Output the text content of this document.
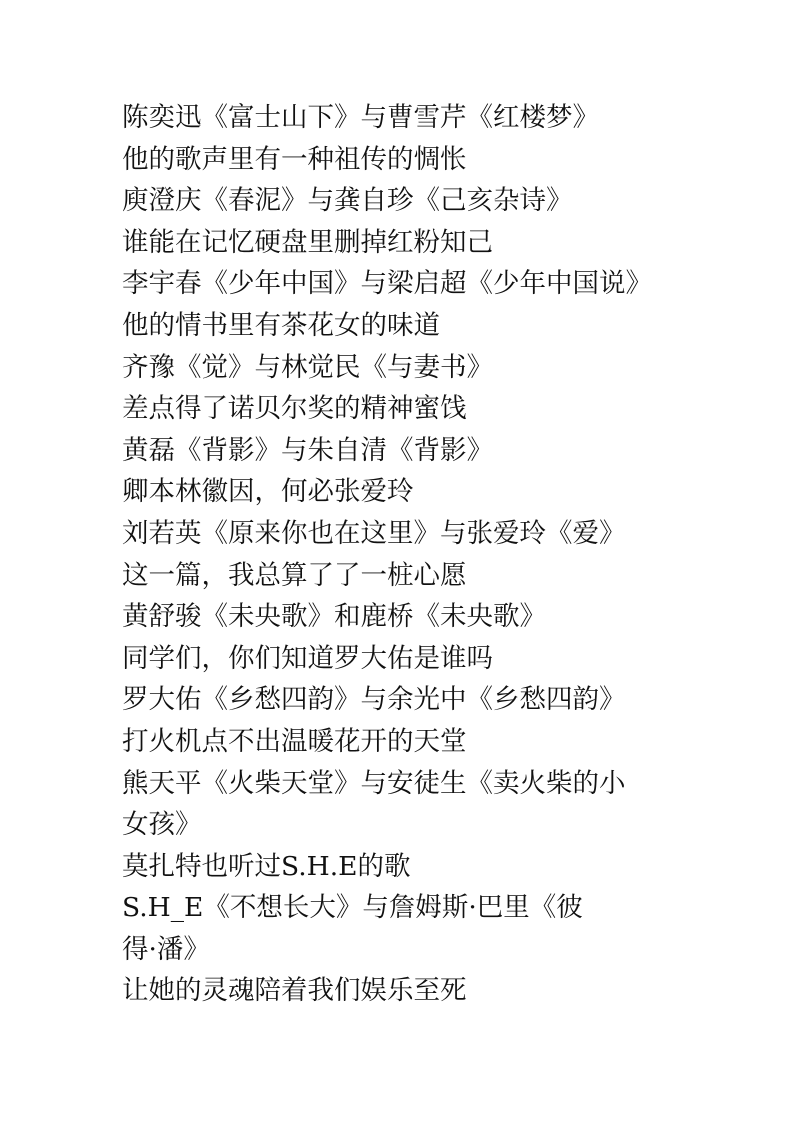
陈奕迅《富士山下》与曹雪芹《红楼梦》
他的歌声里有一种祖传的惆怅
庾澄庆《春泥》与龚自珍《己亥杂诗》
谁能在记忆硬盘里删掉红粉知己
李宇春《少年中国》与梁启超《少年中国说》
他的情书里有茶花女的味道
齐豫《觉》与林觉民《与妻书》
差点得了诺贝尔奖的精神蜜饯
黄磊《背影》与朱自清《背影》
卿本林徽因，何必张爱玲
刘若英《原来你也在这里》与张爱玲《爱》
这一篇，我总算了了一桩心愿
黄舒骏《未央歌》和鹿桥《未央歌》
同学们，你们知道罗大佑是谁吗
罗大佑《乡愁四韵》与余光中《乡愁四韵》
打火机点不出温暖花开的天堂
熊天平《火柴天堂》与安徒生《卖火柴的小
女孩》
莫扎特也听过S.H.E的歌
S.H_E《不想长大》与詹姆斯·巴里《彼
得·潘》
让她的灵魂陪着我们娱乐至死
